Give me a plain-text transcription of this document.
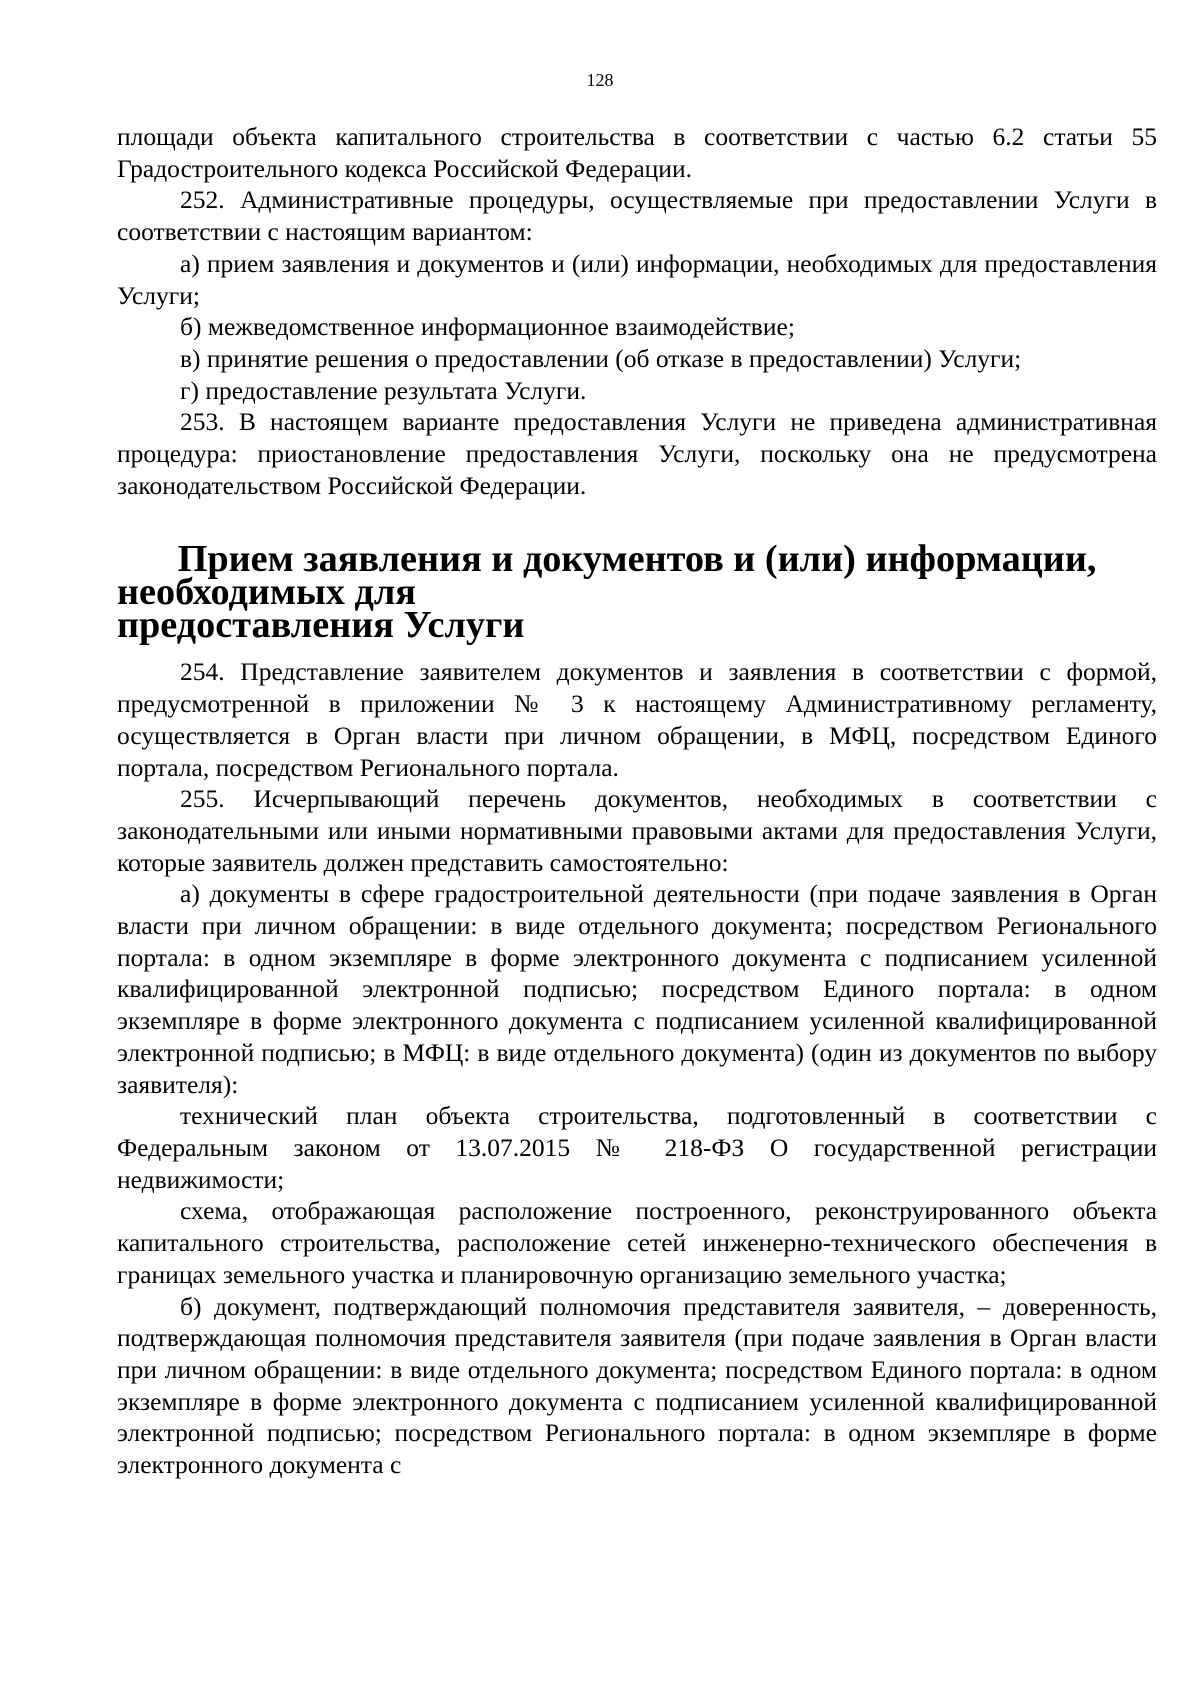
128

площади объекта капитального строительства в соответствии с частью 6.2 статьи 55 Градостроительного кодекса Российской Федерации.

252. Административные процедуры, осуществляемые при предоставлении Услуги в соответствии с настоящим вариантом:

а) прием заявления и документов и (или) информации, необходимых для предоставления Услуги;

б) межведомственное информационное взаимодействие;

в) принятие решения о предоставлении (об отказе в предоставлении) Услуги;

г) предоставление результата Услуги.

253. В настоящем варианте предоставления Услуги не приведена административная процедура: приостановление предоставления Услуги, поскольку она не предусмотрена законодательством Российской Федерации.

Прием заявления и документов и (или) информации, необходимых для
предоставления Услуги

254. Представление заявителем документов и заявления в соответствии с формой, предусмотренной в приложении № 3 к настоящему Административному регламенту, осуществляется в Орган власти при личном обращении, в МФЦ, посредством Единого портала, посредством Регионального портала.

255. Исчерпывающий перечень документов, необходимых в соответствии с законодательными или иными нормативными правовыми актами для предоставления Услуги, которые заявитель должен представить самостоятельно:

а) документы в сфере градостроительной деятельности (при подаче заявления в Орган власти при личном обращении: в виде отдельного документа; посредством Регионального портала: в одном экземпляре в форме электронного документа с подписанием усиленной квалифицированной электронной подписью; посредством Единого портала: в одном экземпляре в форме электронного документа с подписанием усиленной квалифицированной электронной подписью; в МФЦ: в виде отдельного документа) (один из документов по выбору заявителя):

технический план объекта строительства, подготовленный в соответствии с Федеральным законом от 13.07.2015 № 218-ФЗ О государственной регистрации недвижимости;

схема, отображающая расположение построенного, реконструированного объекта капитального строительства, расположение сетей инженерно-технического обеспечения в границах земельного участка и планировочную организацию земельного участка;

б) документ, подтверждающий полномочия представителя заявителя, – доверенность, подтверждающая полномочия представителя заявителя (при подаче заявления в Орган власти при личном обращении: в виде отдельного документа; посредством Единого портала: в одном экземпляре в форме электронного документа с подписанием усиленной квалифицированной электронной подписью; посредством Регионального портала: в одном экземпляре в форме электронного документа с
